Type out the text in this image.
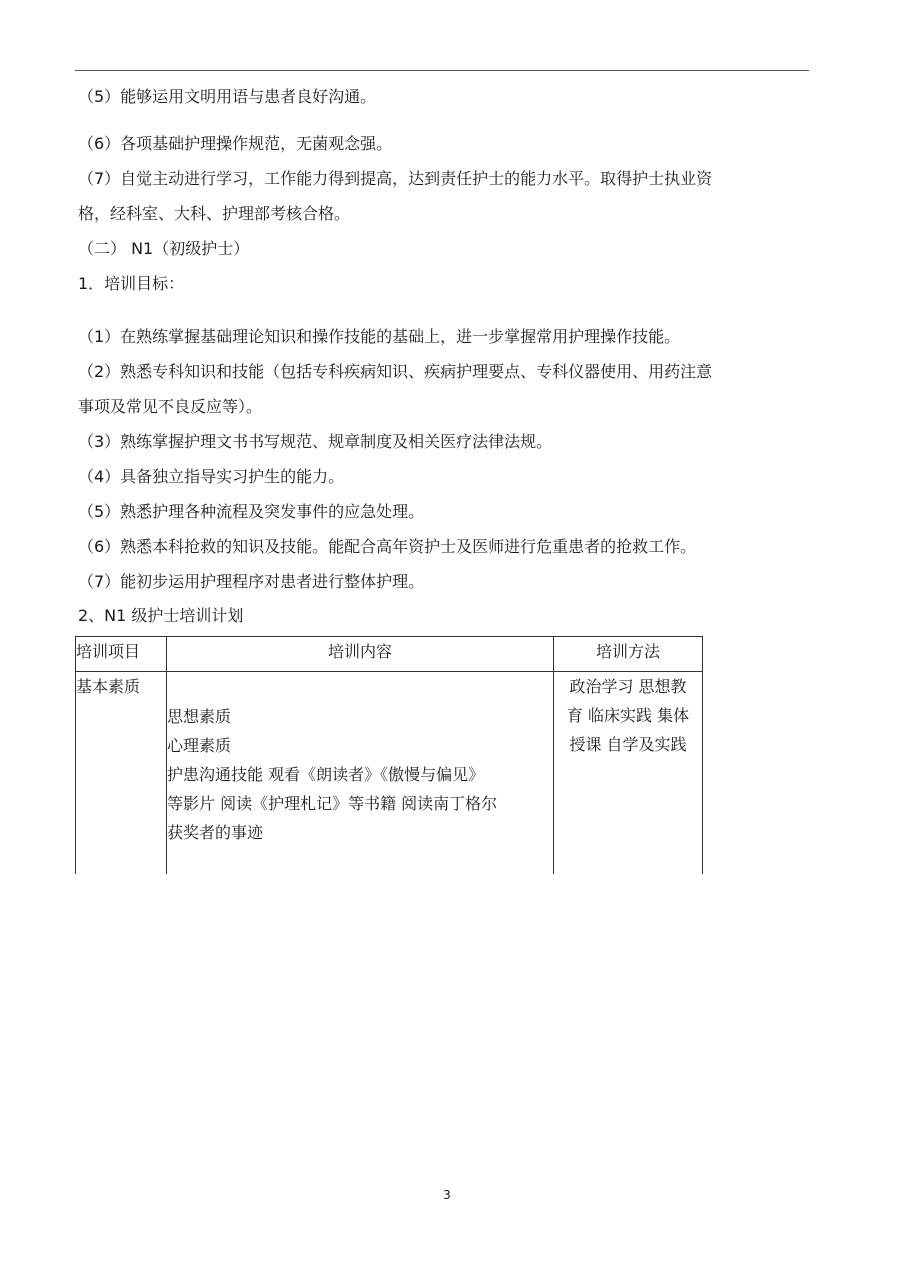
（5）能够运用文明用语与患者良好沟通。
（6）各项基础护理操作规范，无菌观念强。
（7）自觉主动进行学习，工作能力得到提高，达到责任护士的能力水平。取得护士执业资
格，经科室、大科、护理部考核合格。
（二） N1（初级护士）
1．培训目标：
（1）在熟练掌握基础理论知识和操作技能的基础上，进一步掌握常用护理操作技能。
（2）熟悉专科知识和技能（包括专科疾病知识、疾病护理要点、专科仪器使用、用药注意
事项及常见不良反应等）。
（3）熟练掌握护理文书书写规范、规章制度及相关医疗法律法规。
（4）具备独立指导实习护生的能力。
（5）熟悉护理各种流程及突发事件的应急处理。
（6）熟悉本科抢救的知识及技能。能配合高年资护士及医师进行危重患者的抢救工作。
（7）能初步运用护理程序对患者进行整体护理。
2、N1 级护士培训计划
培训项目	培训内容	培训方法

基本素质	思想素质
心理素质
护患沟通技能 观看《朗读者》《傲慢与偏见》
等影片 阅读《护理札记》等书籍 阅读南丁格尔
获奖者的事迹	政治学习 思想教
育 临床实践 集体
授课 自学及实践
3
